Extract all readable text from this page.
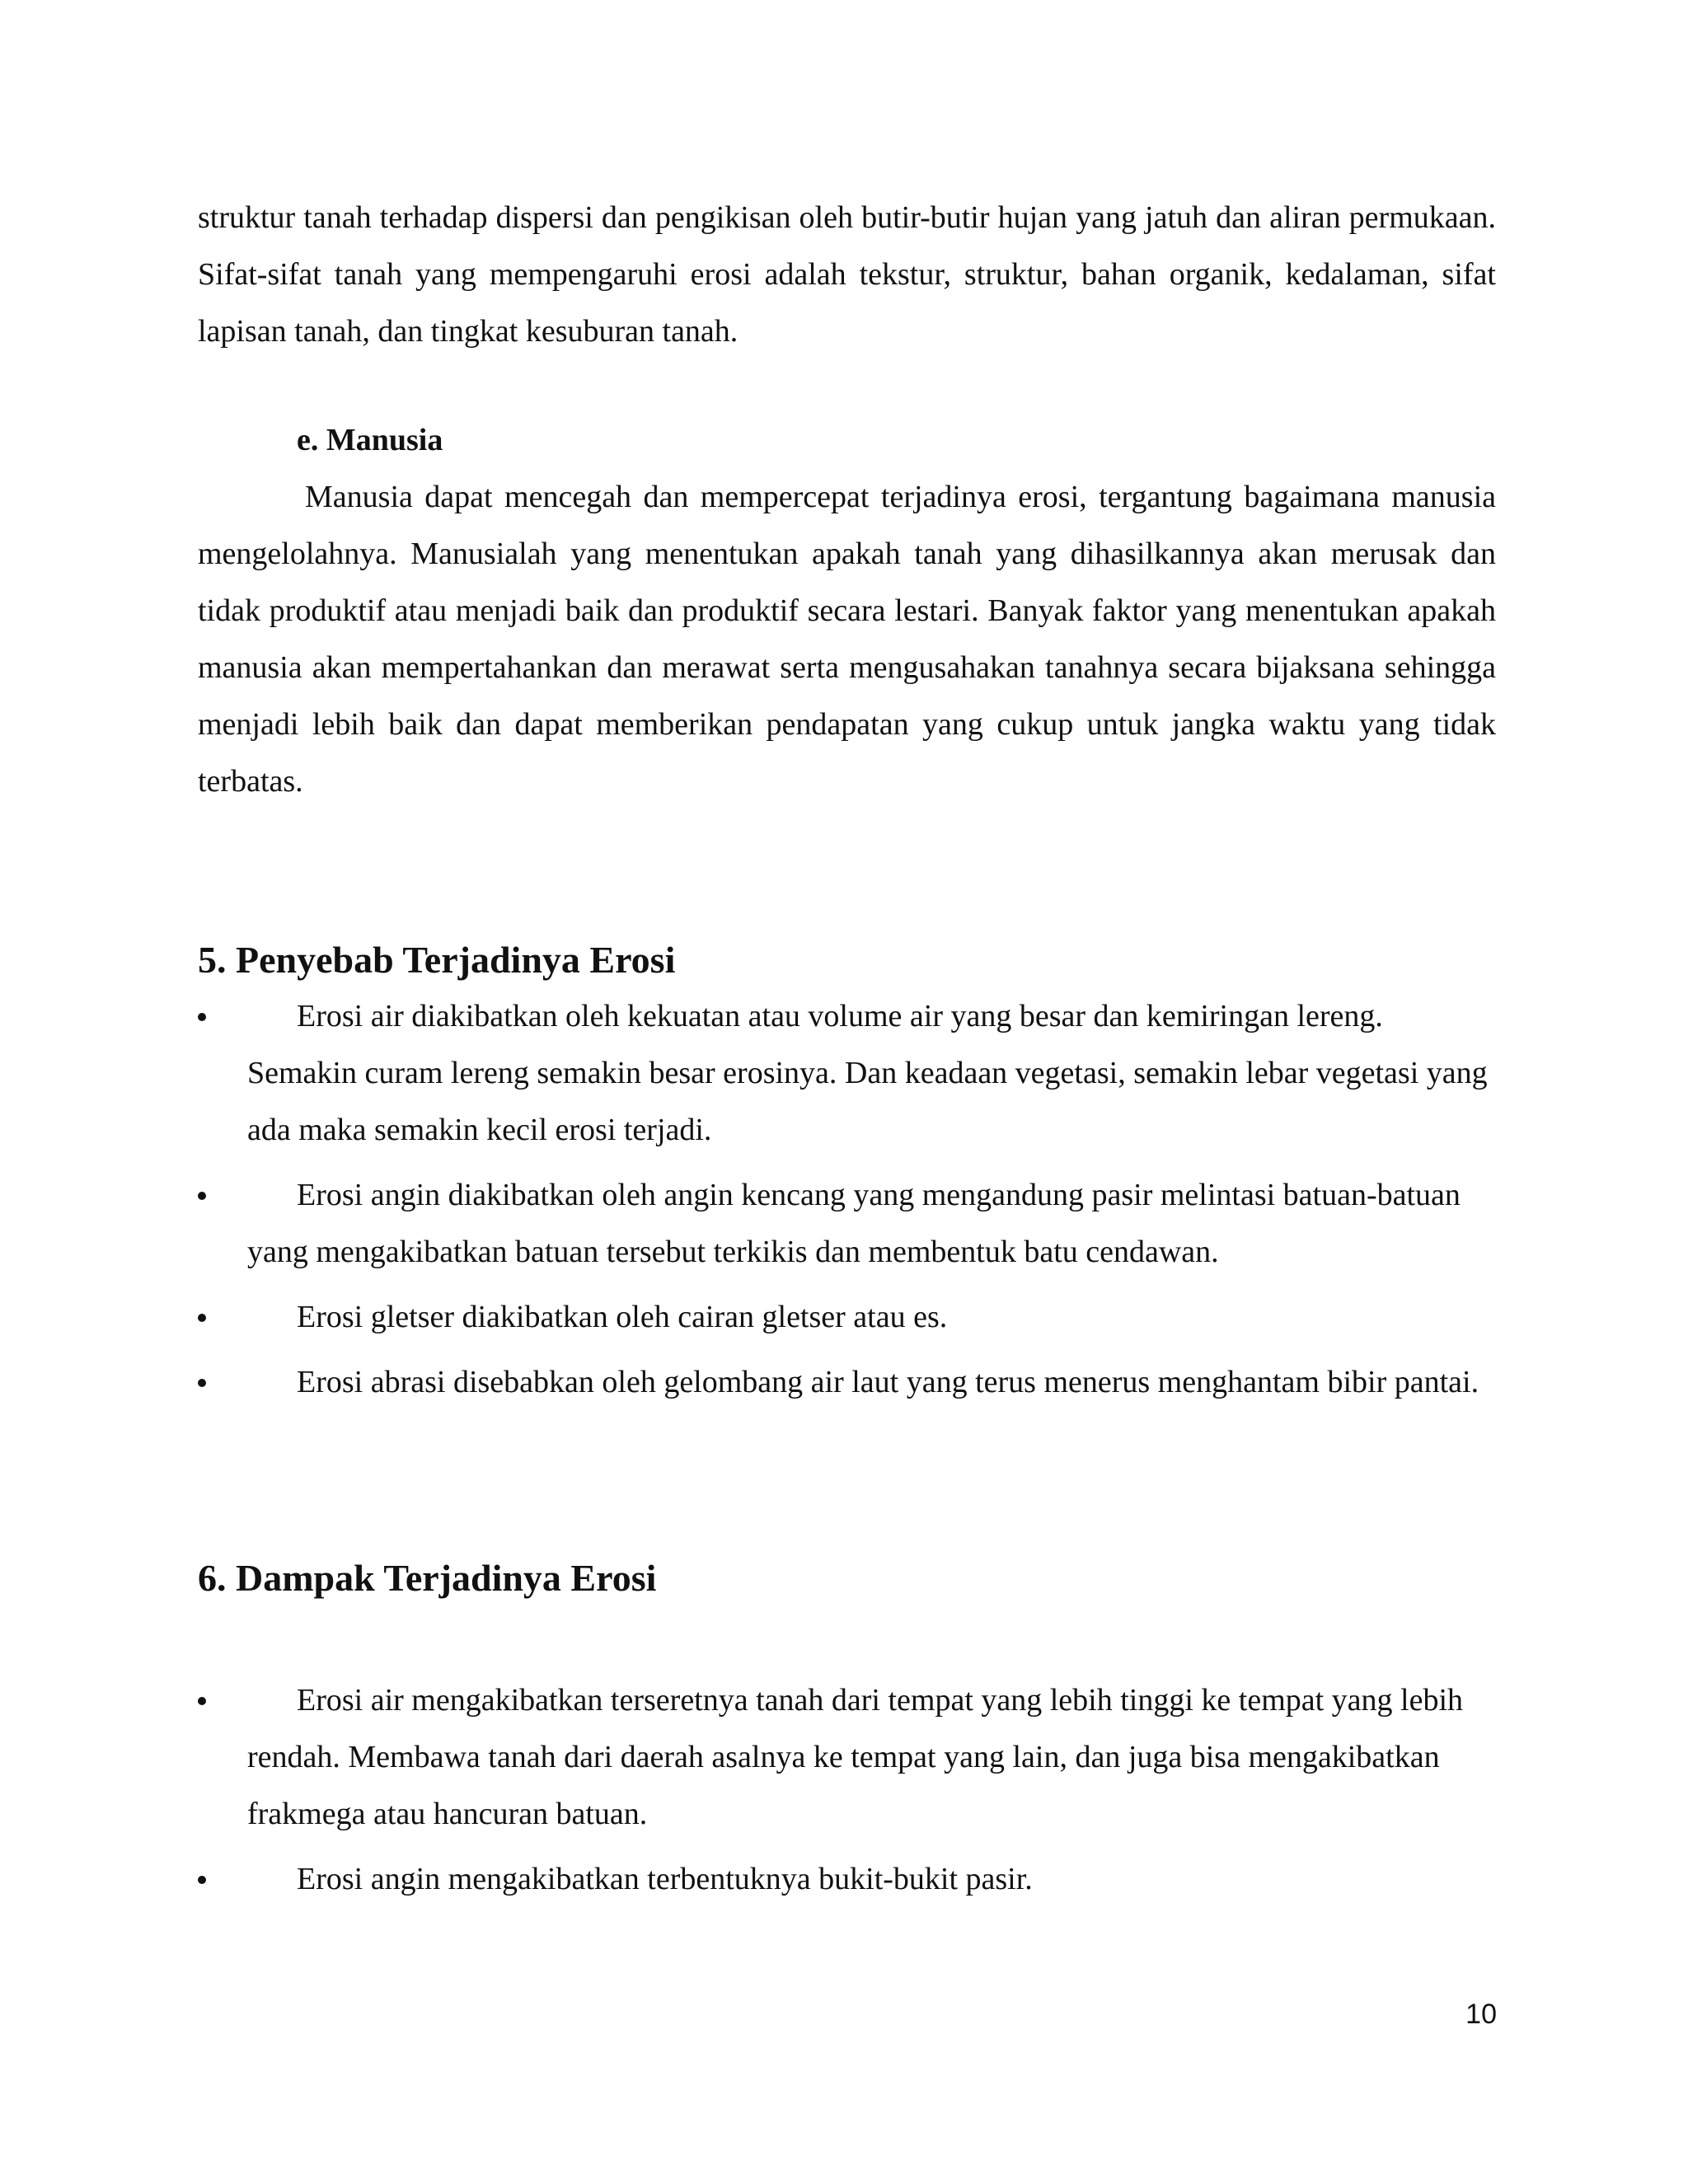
struktur tanah terhadap dispersi dan pengikisan oleh butir-butir hujan yang jatuh dan aliran permukaan. Sifat-sifat tanah yang mempengaruhi erosi adalah tekstur, struktur, bahan organik, kedalaman, sifat lapisan tanah, dan tingkat kesuburan tanah.

e. Manusia

Manusia dapat mencegah dan mempercepat terjadinya erosi, tergantung bagaimana manusia mengelolahnya. Manusialah yang menentukan apakah tanah yang dihasilkannya akan merusak dan tidak produktif atau menjadi baik dan produktif secara lestari. Banyak faktor yang menentukan apakah manusia akan mempertahankan dan merawat serta mengusahakan tanahnya secara bijaksana sehingga menjadi lebih baik dan dapat memberikan pendapatan yang cukup untuk jangka waktu yang tidak terbatas.

5. Penyebab Terjadinya Erosi
Erosi air diakibatkan oleh kekuatan atau volume air yang besar dan kemiringan lereng. Semakin curam lereng semakin besar erosinya. Dan keadaan vegetasi, semakin lebar vegetasi yang ada maka semakin kecil erosi terjadi.
Erosi angin diakibatkan oleh angin kencang yang mengandung pasir melintasi batuan-batuan yang mengakibatkan batuan tersebut terkikis dan membentuk batu cendawan.
Erosi gletser diakibatkan oleh cairan gletser atau es.
Erosi abrasi disebabkan oleh gelombang air laut yang terus menerus menghantam bibir pantai.
6. Dampak Terjadinya Erosi
Erosi air mengakibatkan terseretnya tanah dari tempat yang lebih tinggi ke tempat yang lebih rendah. Membawa tanah dari daerah asalnya ke tempat yang lain, dan juga bisa mengakibatkan frakmega atau hancuran batuan.
Erosi angin mengakibatkan terbentuknya bukit-bukit pasir.
10
